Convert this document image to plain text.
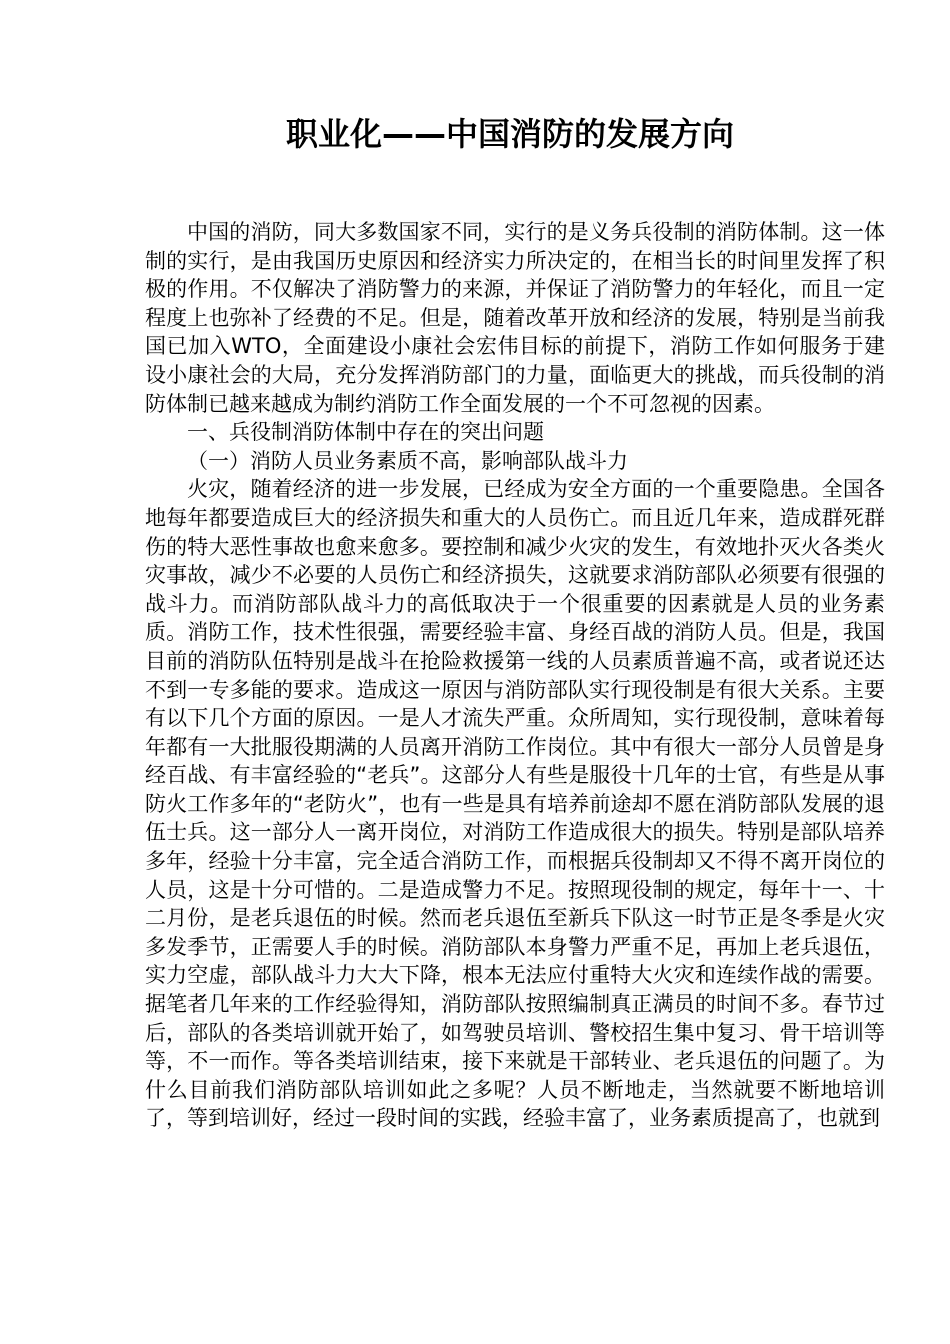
职业化——中国消防的发展方向

中国的消防，同大多数国家不同，实行的是义务兵役制的消防体制。这一体制的实行，是由我国历史原因和经济实力所决定的，在相当长的时间里发挥了积极的作用。不仅解决了消防警力的来源，并保证了消防警力的年轻化，而且一定程度上也弥补了经费的不足。但是，随着改革开放和经济的发展，特别是当前我国已加入WTO，全面建设小康社会宏伟目标的前提下，消防工作如何服务于建设小康社会的大局，充分发挥消防部门的力量，面临更大的挑战，而兵役制的消防体制已越来越成为制约消防工作全面发展的一个不可忽视的因素。

一、兵役制消防体制中存在的突出问题

（一）消防人员业务素质不高，影响部队战斗力

火灾，随着经济的进一步发展，已经成为安全方面的一个重要隐患。全国各地每年都要造成巨大的经济损失和重大的人员伤亡。而且近几年来，造成群死群伤的特大恶性事故也愈来愈多。要控制和减少火灾的发生，有效地扑灭火各类火灾事故，减少不必要的人员伤亡和经济损失，这就要求消防部队必须要有很强的战斗力。而消防部队战斗力的高低取决于一个很重要的因素就是人员的业务素质。消防工作，技术性很强，需要经验丰富、身经百战的消防人员。但是，我国目前的消防队伍特别是战斗在抢险救援第一线的人员素质普遍不高，或者说还达不到一专多能的要求。造成这一原因与消防部队实行现役制是有很大关系。主要有以下几个方面的原因。一是人才流失严重。众所周知，实行现役制，意味着每年都有一大批服役期满的人员离开消防工作岗位。其中有很大一部分人员曾是身经百战、有丰富经验的“老兵”。这部分人有些是服役十几年的士官，有些是从事防火工作多年的“老防火”，也有一些是具有培养前途却不愿在消防部队发展的退伍士兵。这一部分人一离开岗位，对消防工作造成很大的损失。特别是部队培养多年，经验十分丰富，完全适合消防工作，而根据兵役制却又不得不离开岗位的人员，这是十分可惜的。二是造成警力不足。按照现役制的规定，每年十一、十二月份，是老兵退伍的时候。然而老兵退伍至新兵下队这一时节正是冬季是火灾多发季节，正需要人手的时候。消防部队本身警力严重不足，再加上老兵退伍，实力空虚，部队战斗力大大下降，根本无法应付重特大火灾和连续作战的需要。据笔者几年来的工作经验得知，消防部队按照编制真正满员的时间不多。春节过后，部队的各类培训就开始了，如驾驶员培训、警校招生集中复习、骨干培训等等，不一而作。等各类培训结束，接下来就是干部转业、老兵退伍的问题了。为什么目前我们消防部队培训如此之多呢？人员不断地走，当然就要不断地培训了，等到培训好，经过一段时间的实践，经验丰富了，业务素质提高了，也就到
